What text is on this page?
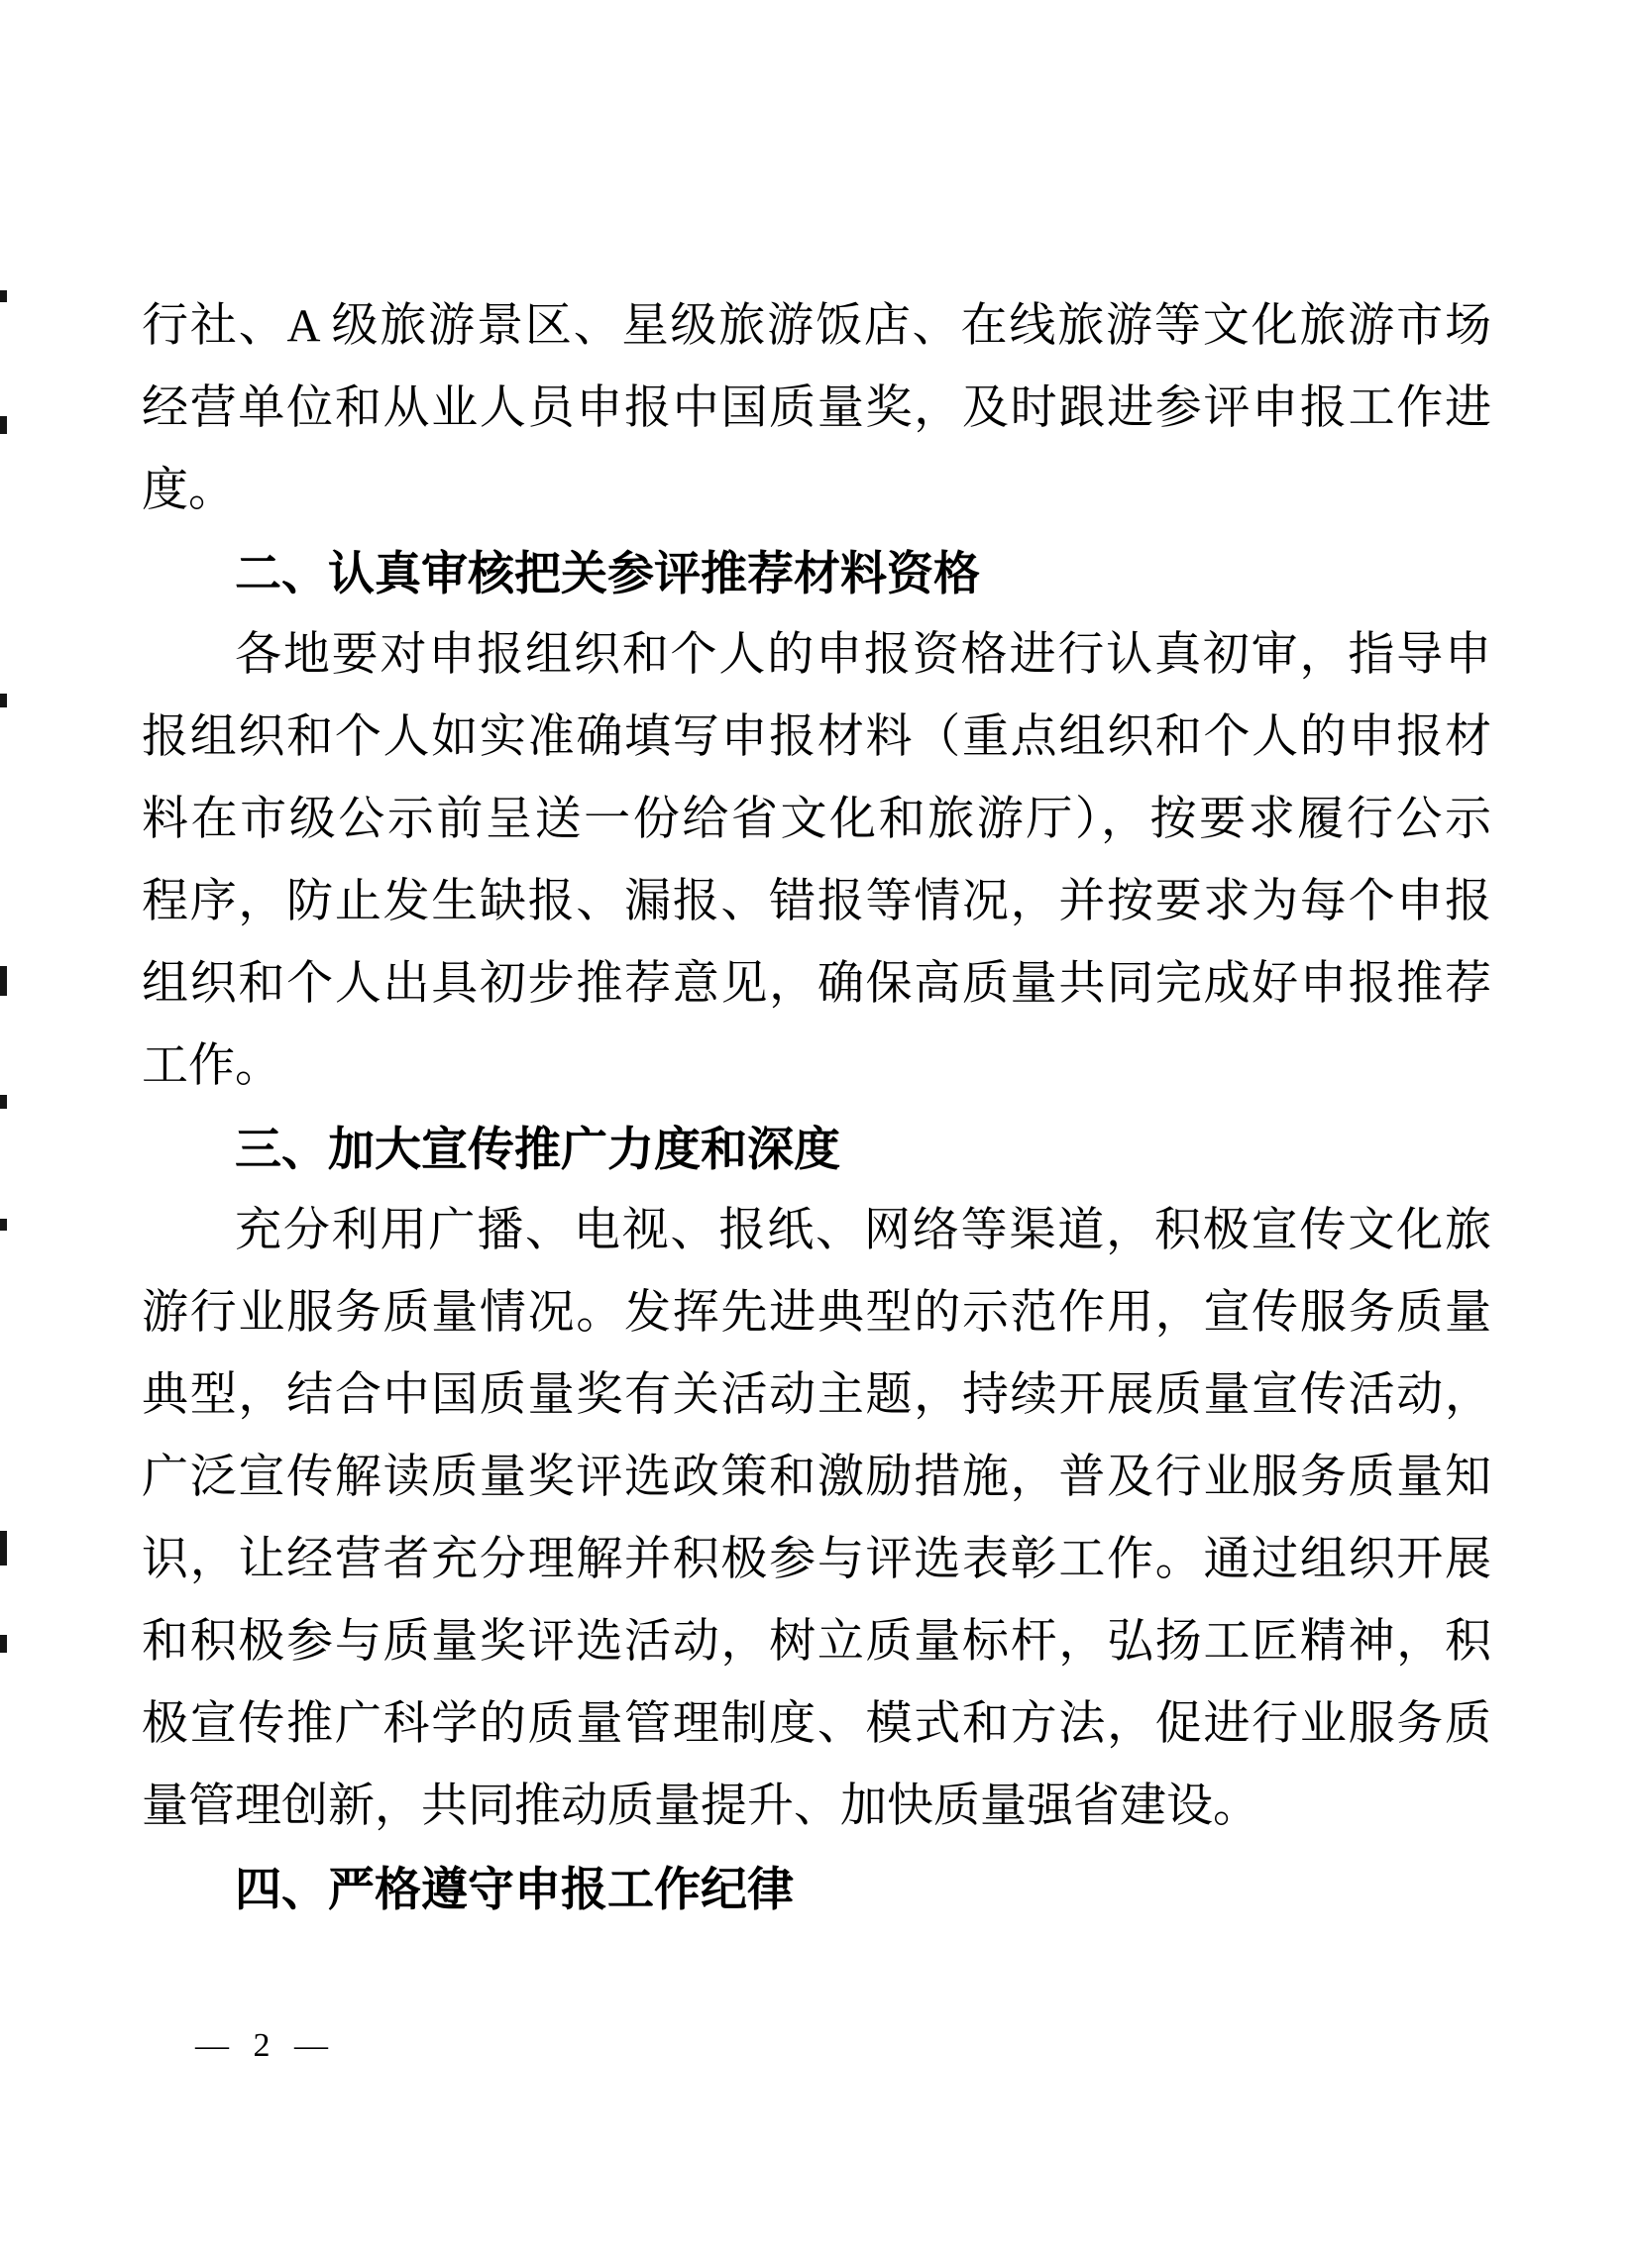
行社、A 级旅游景区、星级旅游饭店、在线旅游等文化旅游市场
经营单位和从业人员申报中国质量奖，及时跟进参评申报工作进
度。
二、认真审核把关参评推荐材料资格
各地要对申报组织和个人的申报资格进行认真初审，指导申
报组织和个人如实准确填写申报材料（重点组织和个人的申报材
料在市级公示前呈送一份给省文化和旅游厅），按要求履行公示
程序，防止发生缺报、漏报、错报等情况，并按要求为每个申报
组织和个人出具初步推荐意见，确保高质量共同完成好申报推荐
工作。
三、加大宣传推广力度和深度
充分利用广播、电视、报纸、网络等渠道，积极宣传文化旅
游行业服务质量情况。发挥先进典型的示范作用，宣传服务质量
典型，结合中国质量奖有关活动主题，持续开展质量宣传活动，
广泛宣传解读质量奖评选政策和激励措施，普及行业服务质量知
识，让经营者充分理解并积极参与评选表彰工作。通过组织开展
和积极参与质量奖评选活动，树立质量标杆，弘扬工匠精神，积
极宣传推广科学的质量管理制度、模式和方法，促进行业服务质
量管理创新，共同推动质量提升、加快质量强省建设。
四、严格遵守申报工作纪律
— 2 —
